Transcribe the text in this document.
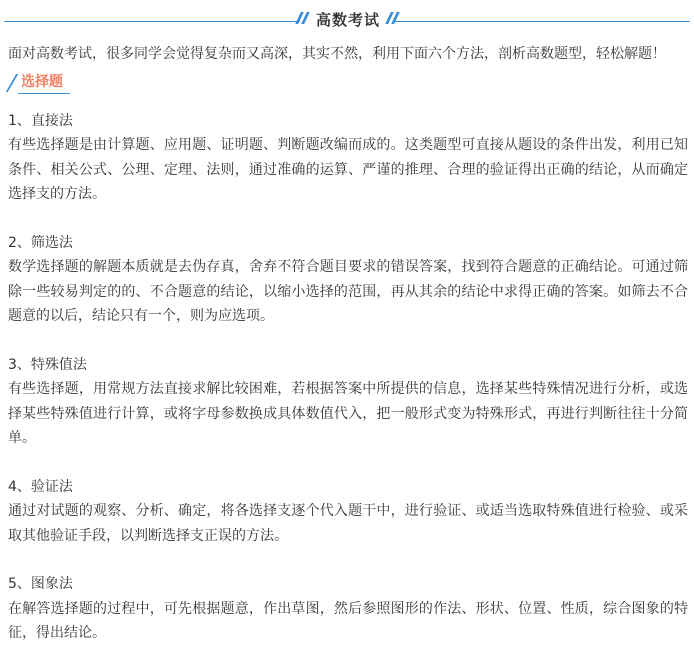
高数考试

面对高数考试，很多同学会觉得复杂而又高深，其实不然，利用下面六个方法，剖析高数题型，轻松解题！

选择题

1、直接法

有些选择题是由计算题、应用题、证明题、判断题改编而成的。这类题型可直接从题设的条件出发，利用已知条件、相关公式、公理、定理、法则，通过准确的运算、严谨的推理、合理的验证得出正确的结论，从而确定选择支的方法。

2、筛选法

数学选择题的解题本质就是去伪存真，舍弃不符合题目要求的错误答案，找到符合题意的正确结论。可通过筛除一些较易判定的的、不合题意的结论，以缩小选择的范围，再从其余的结论中求得正确的答案。如筛去不合题意的以后，结论只有一个，则为应选项。

3、特殊值法

有些选择题，用常规方法直接求解比较困难，若根据答案中所提供的信息，选择某些特殊情况进行分析，或选择某些特殊值进行计算，或将字母参数换成具体数值代入，把一般形式变为特殊形式，再进行判断往往十分简单。

4、验证法

通过对试题的观察、分析、确定，将各选择支逐个代入题干中，进行验证、或适当选取特殊值进行检验、或采取其他验证手段，以判断选择支正误的方法。

5、图象法

在解答选择题的过程中，可先根据题意，作出草图，然后参照图形的作法、形状、位置、性质，综合图象的特征，得出结论。
